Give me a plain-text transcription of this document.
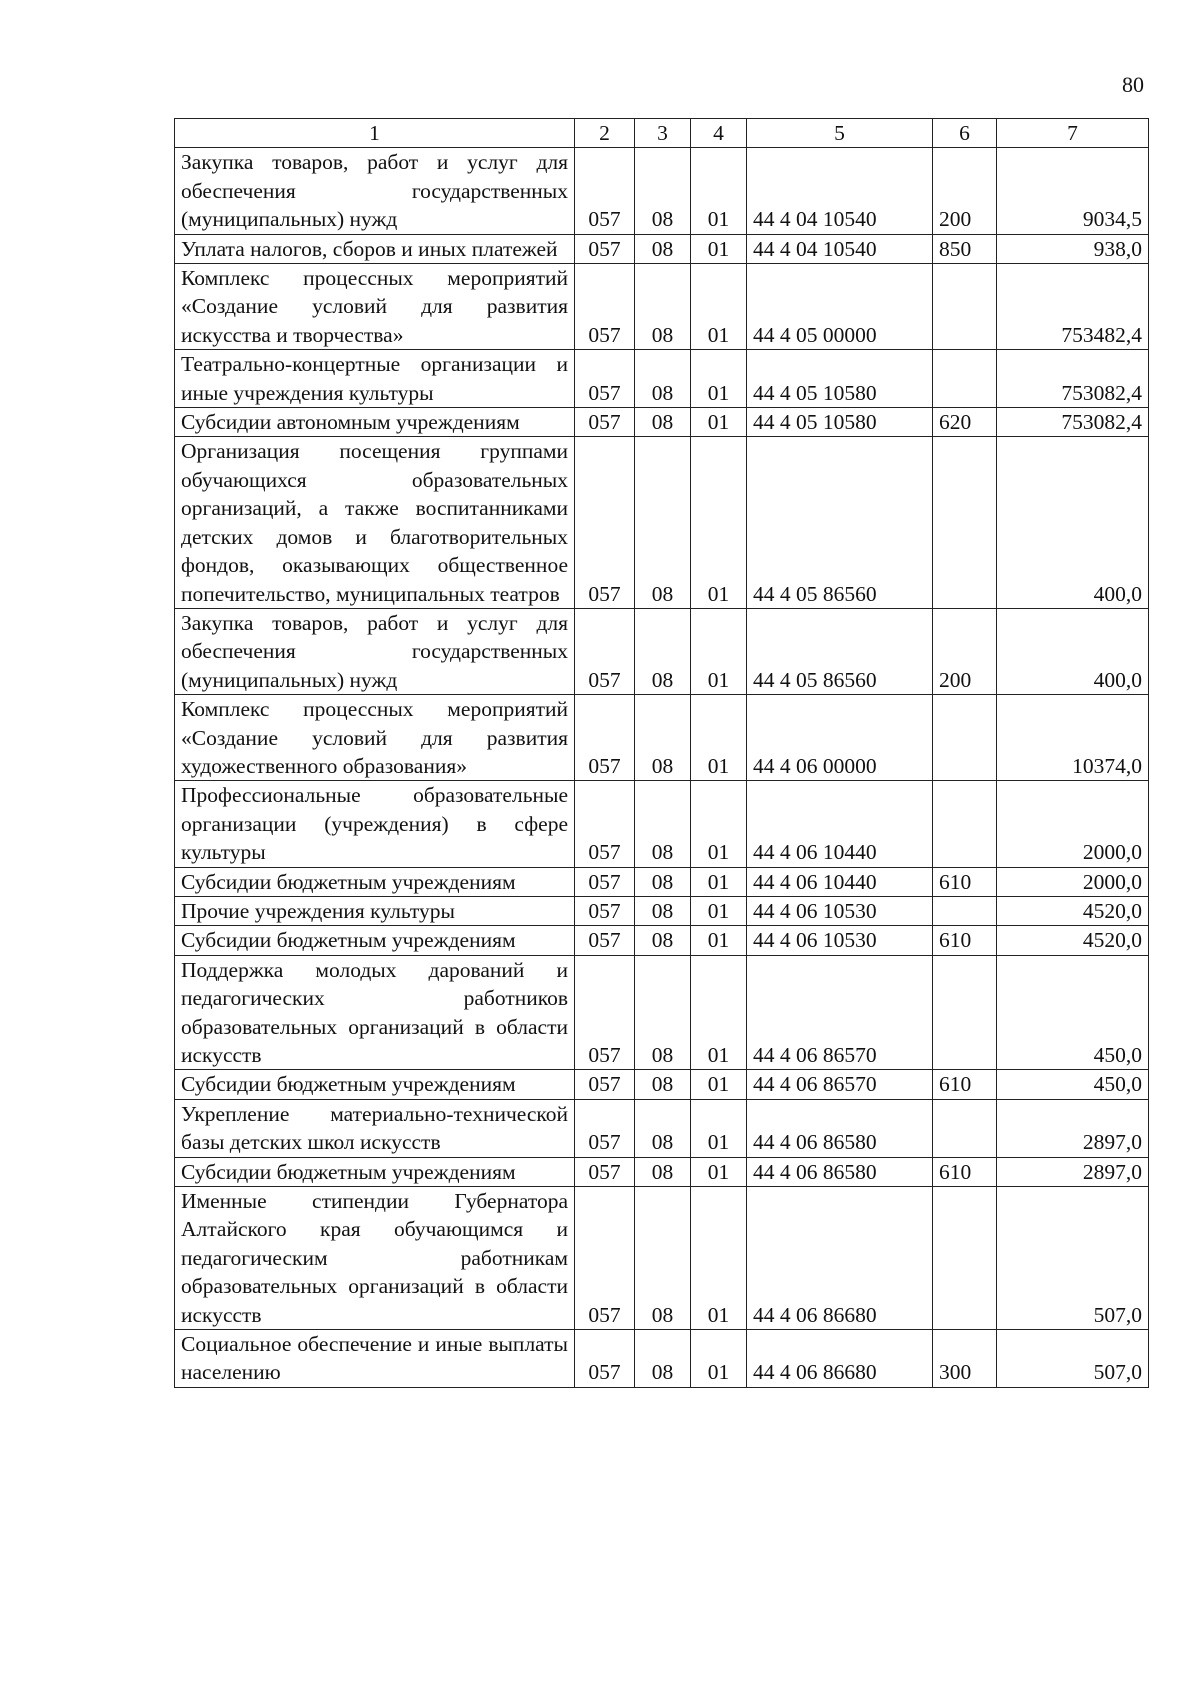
80
1	2	3	4	5	6	7
Закупка товаров, работ и услуг для обеспечения государственных (муниципальных) нужд	057	08	01	44 4 04 10540	200	9034,5
Уплата налогов, сборов и иных платежей	057	08	01	44 4 04 10540	850	938,0
Комплекс процессных мероприятий «Создание условий для развития искусства и творчества»	057	08	01	44 4 05 00000		753482,4
Театрально-концертные организации и иные учреждения культуры	057	08	01	44 4 05 10580		753082,4
Субсидии автономным учреждениям	057	08	01	44 4 05 10580	620	753082,4
Организация посещения группами обучающихся образовательных организаций, а также воспитанниками детских домов и благотворительных фондов, оказывающих общественное попечительство, муниципальных театров	057	08	01	44 4 05 86560		400,0
Закупка товаров, работ и услуг для обеспечения государственных (муниципальных) нужд	057	08	01	44 4 05 86560	200	400,0
Комплекс процессных мероприятий «Создание условий для развития художественного образования»	057	08	01	44 4 06 00000		10374,0
Профессиональные образовательные организации (учреждения) в сфере культуры	057	08	01	44 4 06 10440		2000,0
Субсидии бюджетным учреждениям	057	08	01	44 4 06 10440	610	2000,0
Прочие учреждения культуры	057	08	01	44 4 06 10530		4520,0
Субсидии бюджетным учреждениям	057	08	01	44 4 06 10530	610	4520,0
Поддержка молодых дарований и педагогических работников образовательных организаций в области искусств	057	08	01	44 4 06 86570		450,0
Субсидии бюджетным учреждениям	057	08	01	44 4 06 86570	610	450,0
Укрепление материально-технической базы детских школ искусств	057	08	01	44 4 06 86580		2897,0
Субсидии бюджетным учреждениям	057	08	01	44 4 06 86580	610	2897,0
Именные стипендии Губернатора Алтайского края обучающимся и педагогическим работникам образовательных организаций в области искусств	057	08	01	44 4 06 86680		507,0
Социальное обеспечение и иные выплаты населению	057	08	01	44 4 06 86680	300	507,0
